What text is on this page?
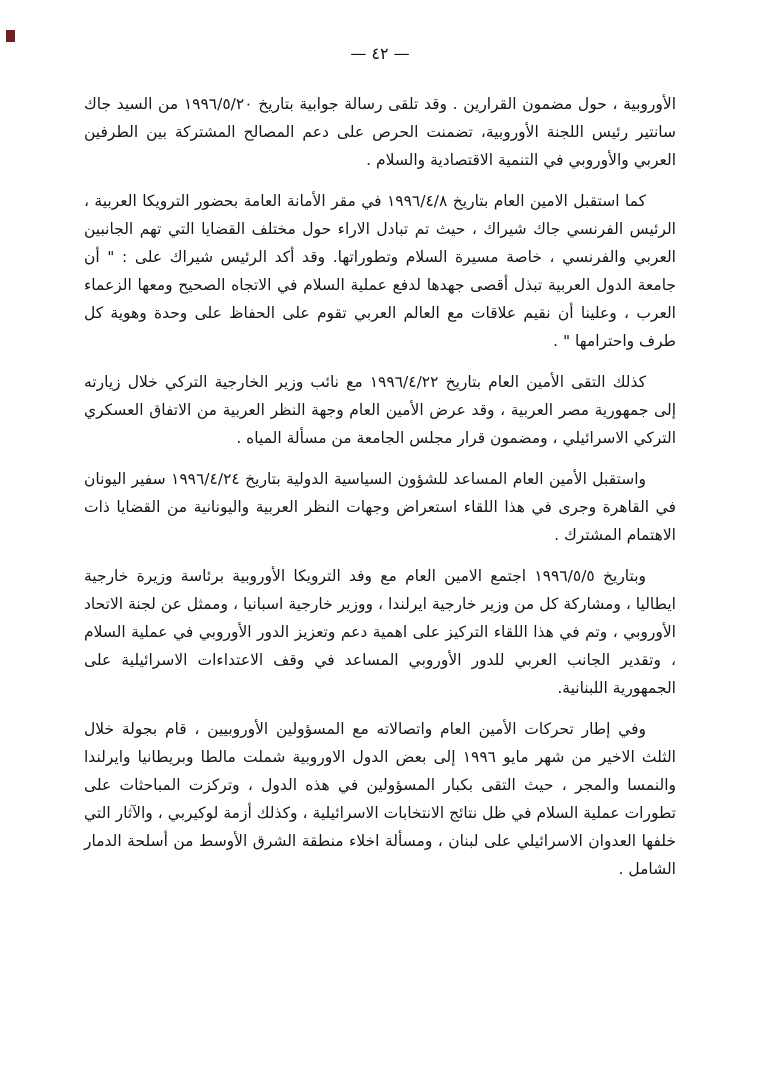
— ٤٢ —

الأوروبية ، حول مضمون القرارين . وقد تلقى رسالة جوابية بتاريخ ١٩٩٦/٥/٢٠ من السيد جاك سانتير رئيس اللجنة الأوروبية، تضمنت الحرص على دعم المصالح المشتركة بين الطرفين العربي والأوروبي في التنمية الاقتصادية والسلام .

كما استقبل الامين العام بتاريخ ١٩٩٦/٤/٨ في مقر الأمانة العامة بحضور الترويكا العربية ، الرئيس الفرنسي جاك شيراك ، حيث تم تبادل الاراء حول مختلف القضايا التي تهم الجانبين العربي والفرنسي ، خاصة مسيرة السلام وتطوراتها. وقد أكد الرئيس شيراك على : " أن جامعة الدول العربية تبذل أقصى جهدها لدفع عملية السلام في الاتجاه الصحيح ومعها الزعماء العرب ، وعلينا أن نقيم علاقات مع العالم العربي تقوم على الحفاظ على وحدة وهوية كل طرف واحترامها " .

كذلك التقى الأمين العام بتاريخ ١٩٩٦/٤/٢٢ مع نائب وزير الخارجية التركي خلال زيارته إلى جمهورية مصر العربية ، وقد عرض الأمين العام وجهة النظر العربية من الاتفاق العسكري التركي الاسرائيلي ، ومضمون قرار مجلس الجامعة من مسألة المياه .

واستقبل الأمين العام المساعد للشؤون السياسية الدولية بتاريخ ١٩٩٦/٤/٢٤ سفير اليونان في القاهرة وجرى في هذا اللقاء استعراض وجهات النظر العربية واليونانية من القضايا ذات الاهتمام المشترك .

وبتاريخ ١٩٩٦/٥/٥ اجتمع الامين العام مع وفد الترويكا الأوروبية برئاسة وزيرة خارجية ايطاليا ، ومشاركة كل من وزير خارجية ايرلندا ، ووزير خارجية اسبانيا ، وممثل عن لجنة الاتحاد الأوروبي ، وتم في هذا اللقاء التركيز على اهمية دعم وتعزيز الدور الأوروبي في عملية السلام ، وتقدير الجانب العربي للدور الأوروبي المساعد في وقف الاعتداءات الاسرائيلية على الجمهورية اللبنانية.

وفي إطار تحركات الأمين العام واتصالاته مع المسؤولين الأوروبيين ، قام بجولة خلال الثلث الاخير من شهر مايو ١٩٩٦ إلى بعض الدول الاوروبية شملت مالطا وبريطانيا وايرلندا والنمسا والمجر ، حيث التقى بكبار المسؤولين في هذه الدول ، وتركزت المباحثات على تطورات عملية السلام في ظل نتائج الانتخابات الاسرائيلية ، وكذلك أزمة لوكيربي ، والآثار التي خلفها العدوان الاسرائيلي على لبنان ، ومسألة اخلاء منطقة الشرق الأوسط من أسلحة الدمار الشامل .
